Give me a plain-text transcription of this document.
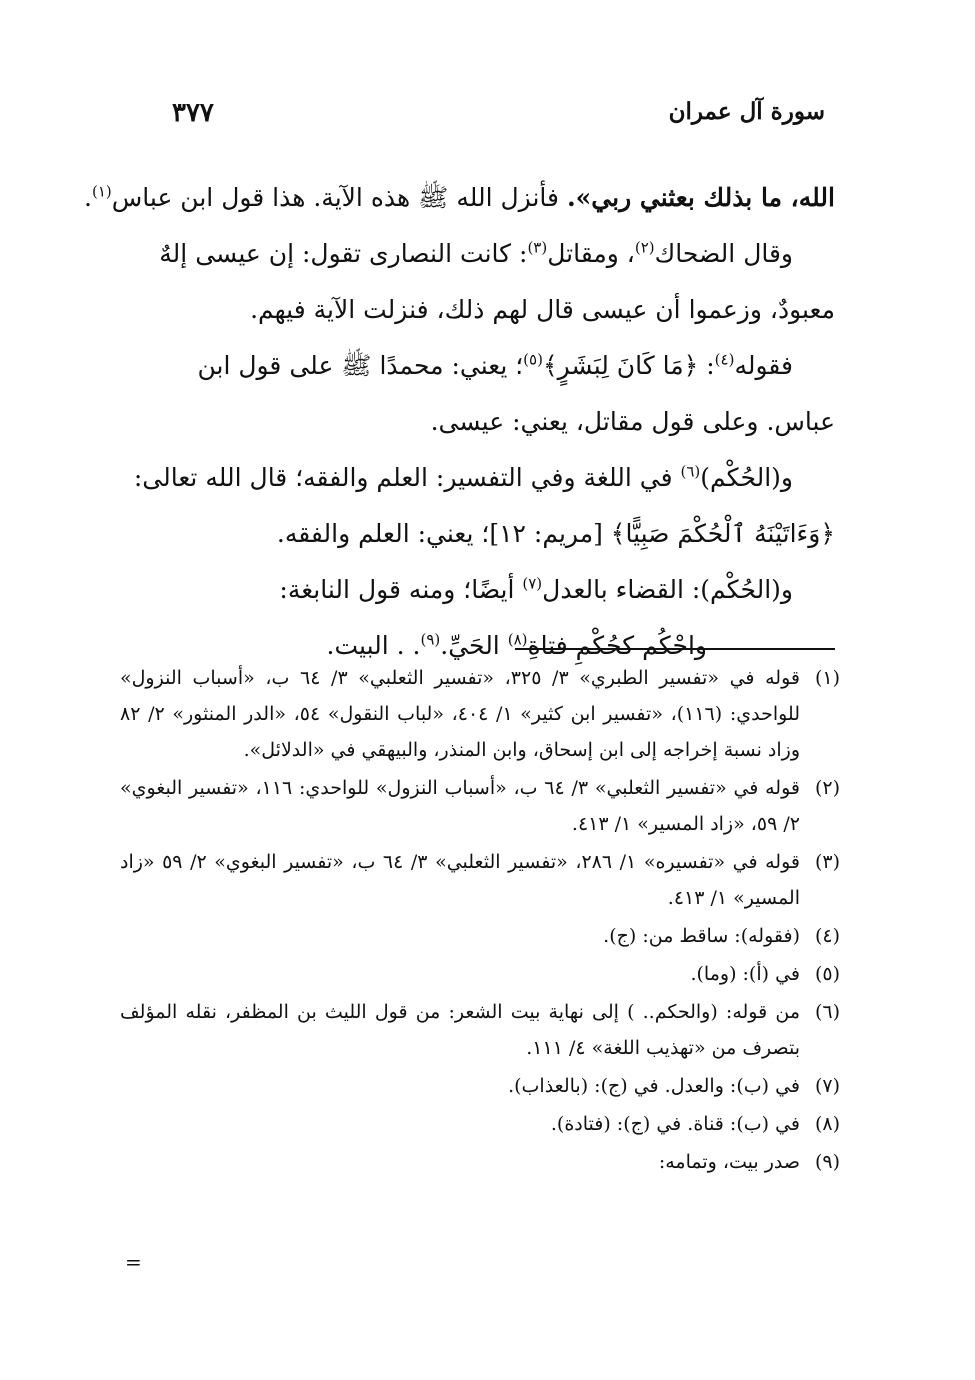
سورة آل عمران
٣٧٧
الله، ما بذلك بعثني ربي». فأنزل الله ﷺ هذه الآية. هذا قول ابن عباس$^{(١)}$.
وقال الضحاك$^{(٢)}$، ومقاتل$^{(٣)}$: كانت النصارى تقول: إن عيسى إلهٌ
معبودٌ، وزعموا أن عيسى قال لهم ذلك، فنزلت الآية فيهم.
فقوله$^{(٤)}$: ﴿مَا كَانَ لِبَشَرٍ﴾$^{(٥)}$؛ يعني: محمدًا ﷺ على قول ابن
عباس. وعلى قول مقاتل، يعني: عيسى.
و(الحُكْم)$^{(٦)}$ في اللغة وفي التفسير: العلم والفقه؛ قال الله تعالى:
﴿وَءَاتَيْنَهُ ٱلْحُكْمَ صَبِيًّا﴾ [مريم: ١٢]؛ يعني: العلم والفقه.
و(الحُكْم): القضاء بالعدل$^{(٧)}$ أيضًا؛ ومنه قول النابغة:
واحْكُم كحُكْمِ فتاةِ$^{(٨)}$ الحَيِّ.$^{(٩)}$. . البيت.
(١)
قوله في «تفسير الطبري» ٣/ ٣٢٥، «تفسير الثعلبي» ٣/ ٦٤ ب، «أسباب النزول» للواحدي: (١١٦)، «تفسير ابن كثير» ١/ ٤٠٤، «لباب النقول» ٥٤، «الدر المنثور» ٢/ ٨٢ وزاد نسبة إخراجه إلى ابن إسحاق، وابن المنذر، والبيهقي في «الدلائل».
(٢)
قوله في «تفسير الثعلبي» ٣/ ٦٤ ب، «أسباب النزول» للواحدي: ١١٦، «تفسير البغوي» ٢/ ٥٩، «زاد المسير» ١/ ٤١٣.
(٣)
قوله في «تفسيره» ١/ ٢٨٦، «تفسير الثعلبي» ٣/ ٦٤ ب، «تفسير البغوي» ٢/ ٥٩ «زاد المسير» ١/ ٤١٣.
(٤)
(فقوله): ساقط من: (ج).
(٥)
في (أ): (وما).
(٦)
من قوله: (والحكم.. ) إلى نهاية بيت الشعر: من قول الليث بن المظفر، نقله المؤلف بتصرف من «تهذيب اللغة» ٤/ ١١١.
(٧)
في (ب): والعدل. في (ج): (بالعذاب).
(٨)
في (ب): قناة. في (ج): (فتادة).
(٩)
صدر بيت، وتمامه:
=
